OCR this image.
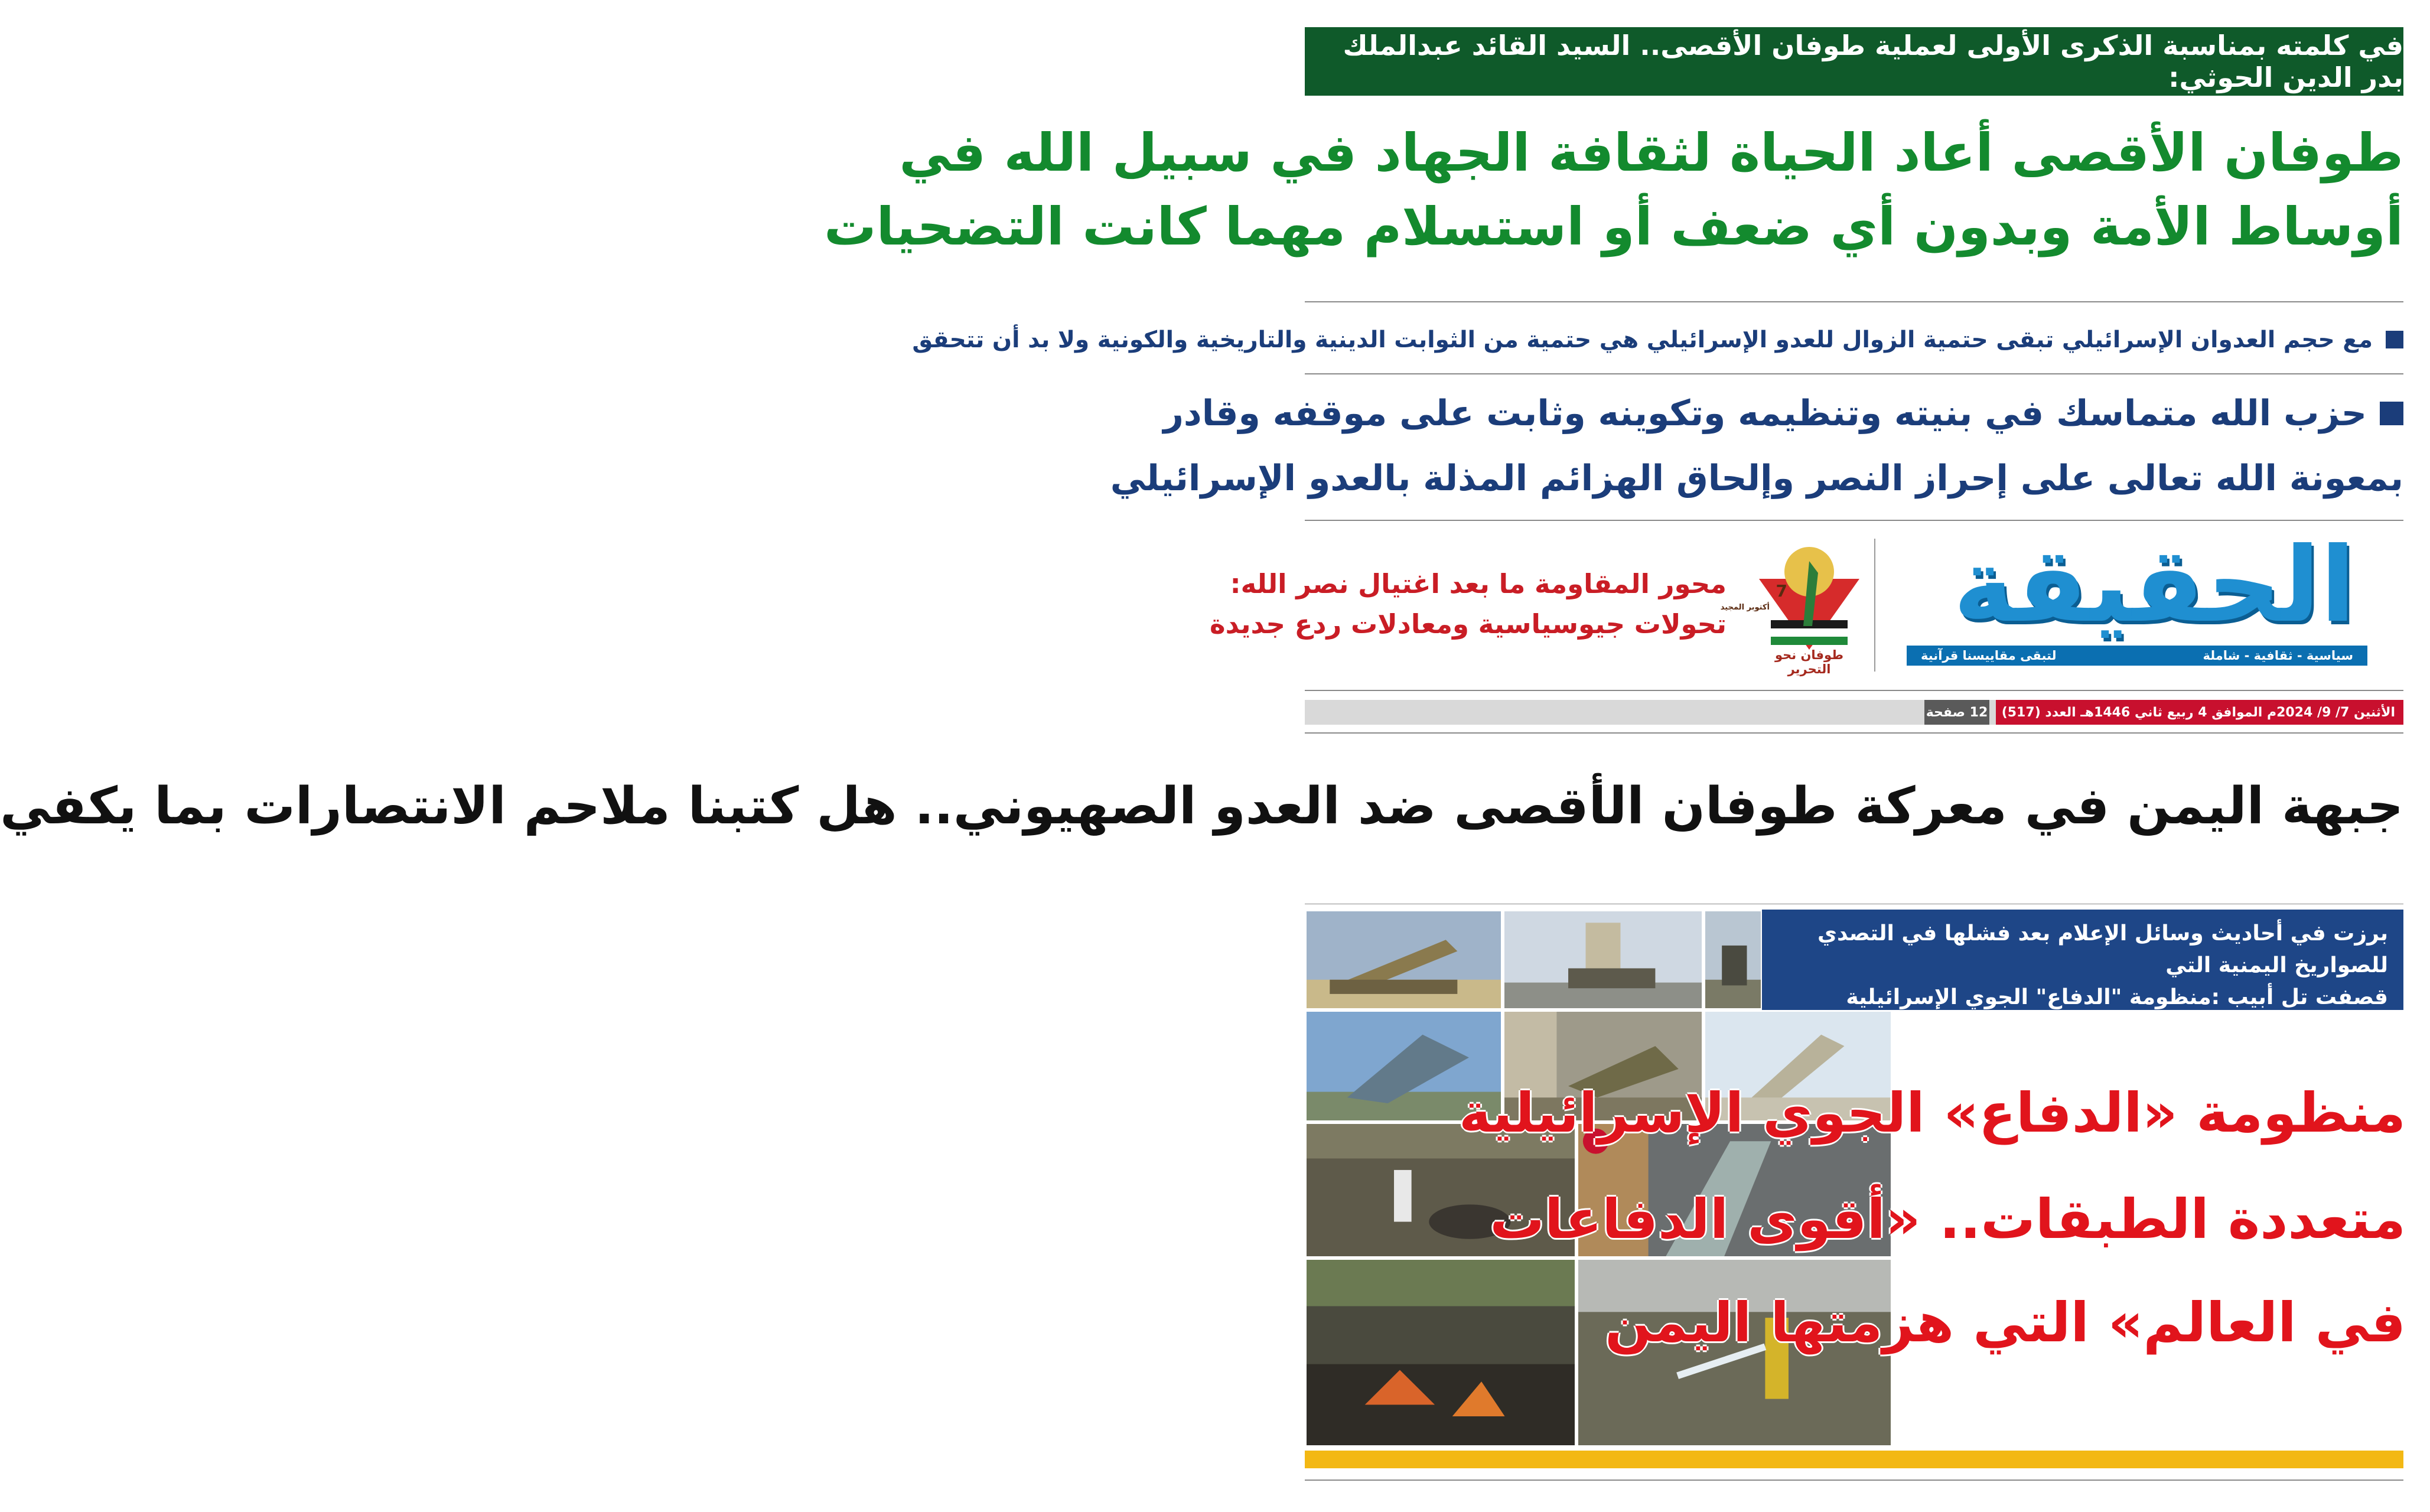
في كلمته بمناسبة الذكرى الأولى لعملية طوفان الأقصى.. السيد القائد عبدالملك بدر الدين الحوثي:
طوفان الأقصى أعاد الحياة لثقافة الجهاد في سبيل الله في
أوساط الأمة وبدون أي ضعف أو استسلام مهما كانت التضحيات
مع حجم العدوان الإسرائيلي تبقى حتمية الزوال للعدو الإسرائيلي هي حتمية من الثوابت الدينية والتاريخية والكونية ولا بد أن تتحقق
حزب الله متماسك في بنيته وتنظيمه وتكوينه وثابت على موقفه وقادر
بمعونة الله تعالى على إحراز النصر وإلحاق الهزائم المذلة بالعدو الإسرائيلي
الحقيقة
سياسية - ثقافية - شاملة
لتبقى مقاييسنا قرآنية
7
أكتوبر المجيد
طوفان نحو التحرير
محور المقاومة ما بعد اغتيال نصر الله:
تحولات جيوسياسية ومعادلات ردع جديدة
الأثنين 7/ 9/ 2024م الموافق 4 ربيع ثاني 1446هـ العدد (517)
12 صفحة
جبهة اليمن في معركة طوفان الأقصى ضد العدو الصهيوني.. هل كتبنا ملاحم الانتصارات بما يكفي
برزت في أحاديث وسائل الإعلام بعد فشلها في التصدي للصواريخ اليمنية التي
قصفت تل أبيب :منظومة "الدفاع" الجوي الإسرائيلية متعددة الطبقات..
منظومة «الدفاع» الجوي الإسرائيلية
متعددة الطبقات.. «أقوى الدفاعات
في العالم» التي هزمتها اليمن
